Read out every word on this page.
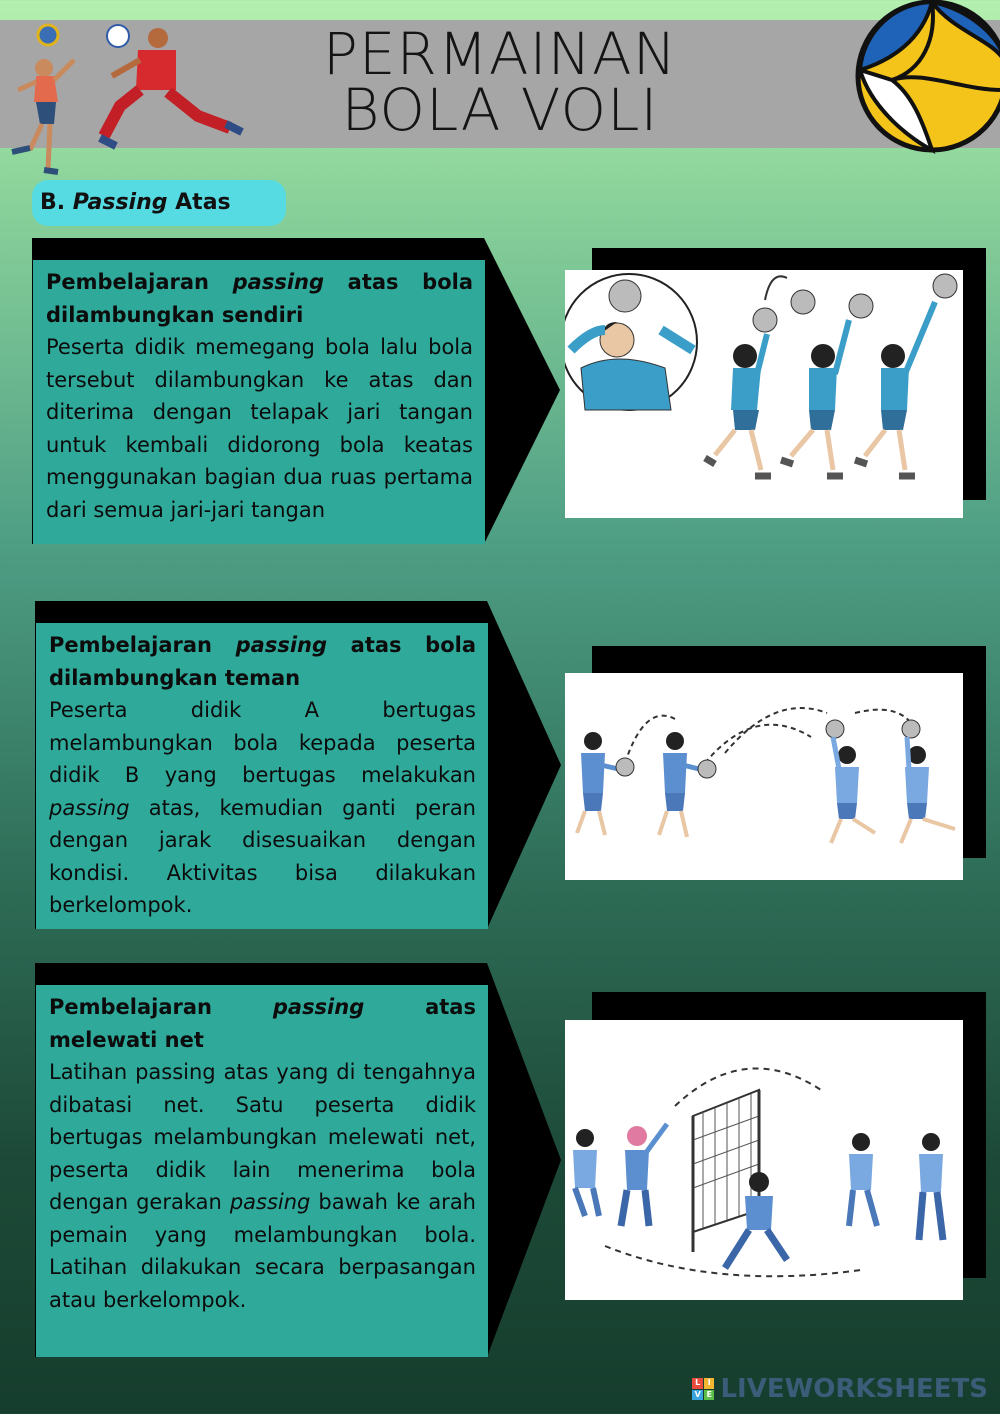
PERMAINAN
BOLA VOLI
B. Passing Atas

Pembelajaran passing atas bola dilambungkan sendiri

Peserta didik memegang bola lalu bola tersebut dilambungkan ke atas dan diterima dengan telapak jari tangan untuk kembali didorong bola keatas menggunakan bagian dua ruas pertama dari semua jari-jari tangan

Pembelajaran passing atas bola dilambungkan teman

Peserta didik A bertugas melambungkan bola kepada peserta didik B yang bertugas melakukan passing atas, kemudian ganti peran dengan jarak disesuaikan dengan kondisi. Aktivitas bisa dilakukan berkelompok.

Pembelajaran passing atas melewati net

Latihan passing atas yang di tengahnya dibatasi net. Satu peserta didik bertugas melambungkan melewati net, peserta didik lain menerima bola dengan gerakan passing bawah ke arah pemain yang melambungkan bola. Latihan dilakukan secara berpasangan atau berkelompok.

L I
V E LIVEWORKSHEETS
